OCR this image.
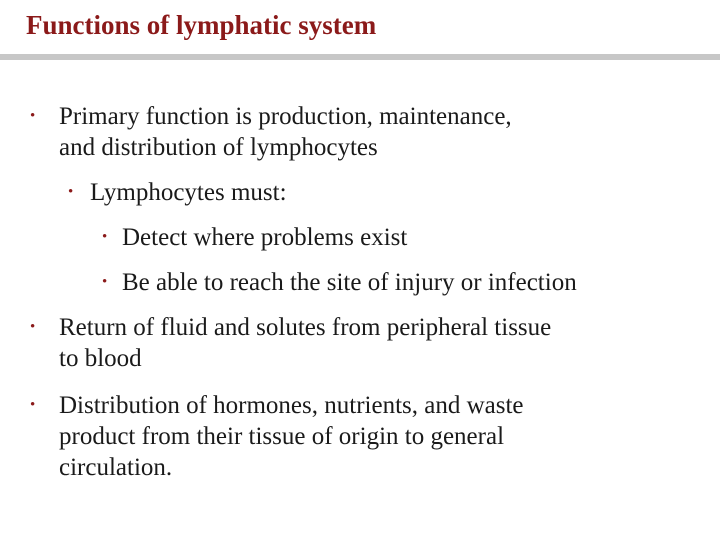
Functions of lymphatic system
• Primary function is production, maintenance,
and distribution of lymphocytes
• Lymphocytes must:
• Detect where problems exist
• Be able to reach the site of injury or infection
• Return of fluid and solutes from peripheral tissue
to blood
• Distribution of hormones, nutrients, and waste
product from their tissue of origin to general
circulation.
